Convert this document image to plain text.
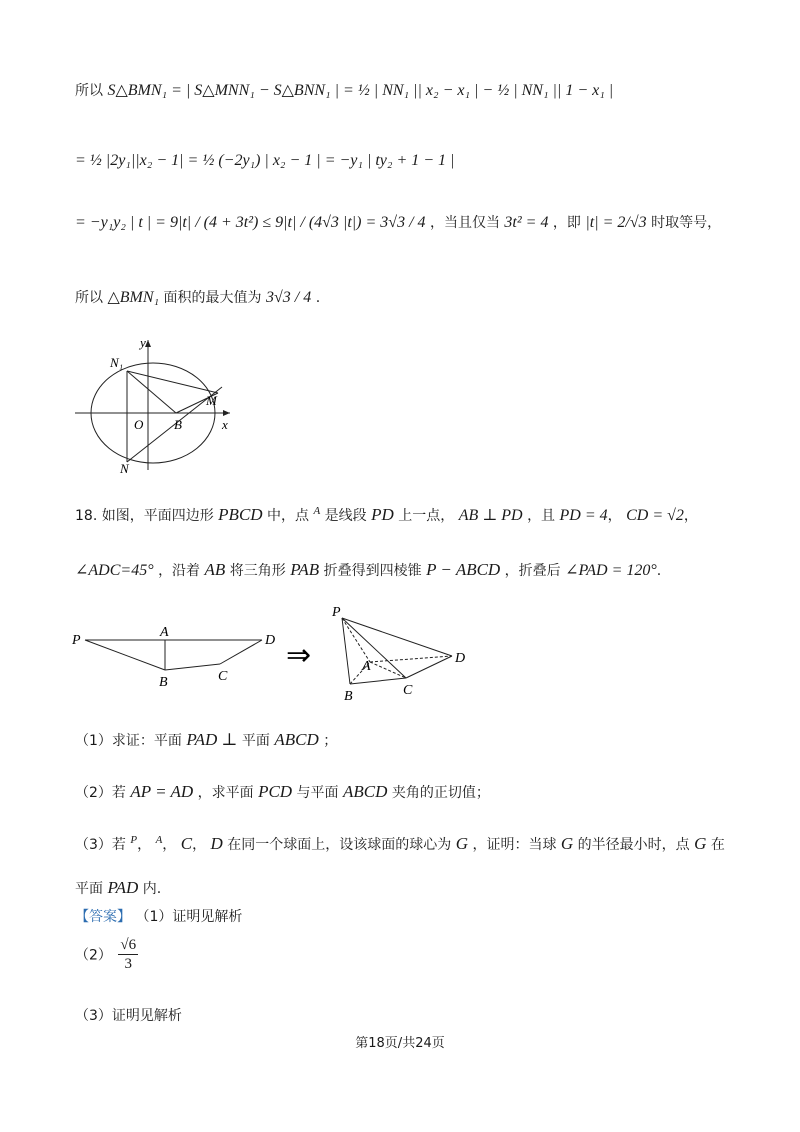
所以 S△BMN₁ = | S△MNN₁ − S△BNN₁ | = ½ | NN₁ || x₂ − x₁ | − ½ | NN₁ || 1 − x₁ |
= ½ |2y₁||x₂ − 1| = ½ (−2y₁) | x₂ − 1 | = −y₁ | ty₂ + 1 − 1 |
= −y₁y₂ | t | = 9|t| / (4 + 3t²) ≤ 9|t| / (4√3 |t|) = 3√3 / 4 ，当且仅当 3t² = 4 ，即 |t| = 2/√3 时取等号，
所以 △BMN₁ 面积的最大值为 3√3 / 4 .
y
N₁
M
O B	x
N
18. 如图，平面四边形 PBCD 中，点 $^A$ 是线段 PD 上一点， AB ⊥ PD ，且 PD = 4， CD = √2，
∠ADC=45° ，沿着 AB 将三角形 PAB 折叠得到四棱锥 P − ABCD ，折叠后 ∠PAD = 120°.
P
A
D
B	C
⇒
P
A
D
B	C
（1）求证：平面 PAD ⊥ 平面 ABCD ；
（2）若 AP = AD ，求平面 PCD 与平面 ABCD 夹角的正切值；
（3）若 $^P$， $^A$， C， D 在同一个球面上，设该球面的球心为 G ，证明：当球 G 的半径最小时，点 G 在
平面 PAD 内.
【答案】 （1）证明见解析
$(2) \frac{√6}{3}$
（3）证明见解析
第18页/共24页
